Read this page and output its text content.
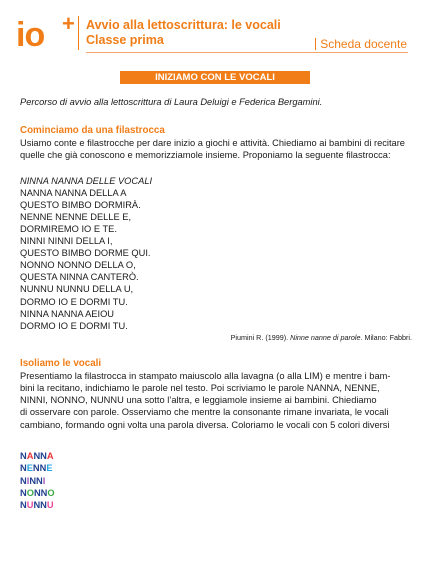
io + Avvio alla lettoscrittura: le vocali
Classe prima	Scheda docente
INIZIAMO CON LE VOCALI

Percorso di avvio alla lettoscrittura di Laura Deluigi e Federica Bergamini.

Cominciamo da una filastrocca

Usiamo conte e filastrocche per dare inizio a giochi e attività. Chiediamo ai bambini di recitare
quelle che già conoscono e memorizziamole insieme. Proponiamo la seguente filastrocca:

NINNA NANNA DELLE VOCALI
NANNA NANNA DELLA A
QUESTO BIMBO DORMIRÀ.
NENNE NENNE DELLE E,
DORMIREMO IO E TE.
NINNI NINNI DELLA I,
QUESTO BIMBO DORME QUI.
NONNO NONNO DELLA O,
QUESTA NINNA CANTERÒ.
NUNNU NUNNU DELLA U,
DORMO IO E DORMI TU.
NINNA NANNA AEIOU
DORMO IO E DORMI TU.
Piumini R. (1999). Ninne nanne di parole. Milano: Fabbri.

Isoliamo le vocali

Presentiamo la filastrocca in stampato maiuscolo alla lavagna (o alla LIM) e mentre i bam-
bini la recitano, indichiamo le parole nel testo. Poi scriviamo le parole NANNA, NENNE,
NINNI, NONNO, NUNNU una sotto l’altra, e leggiamole insieme ai bambini. Chiediamo
di osservare con parole. Osserviamo che mentre la consonante rimane invariata, le vocali
cambiano, formando ogni volta una parola diversa. Coloriamo le vocali con 5 colori diversi
NANNA
NENNE
NINNI
NONNO
NUNNU
